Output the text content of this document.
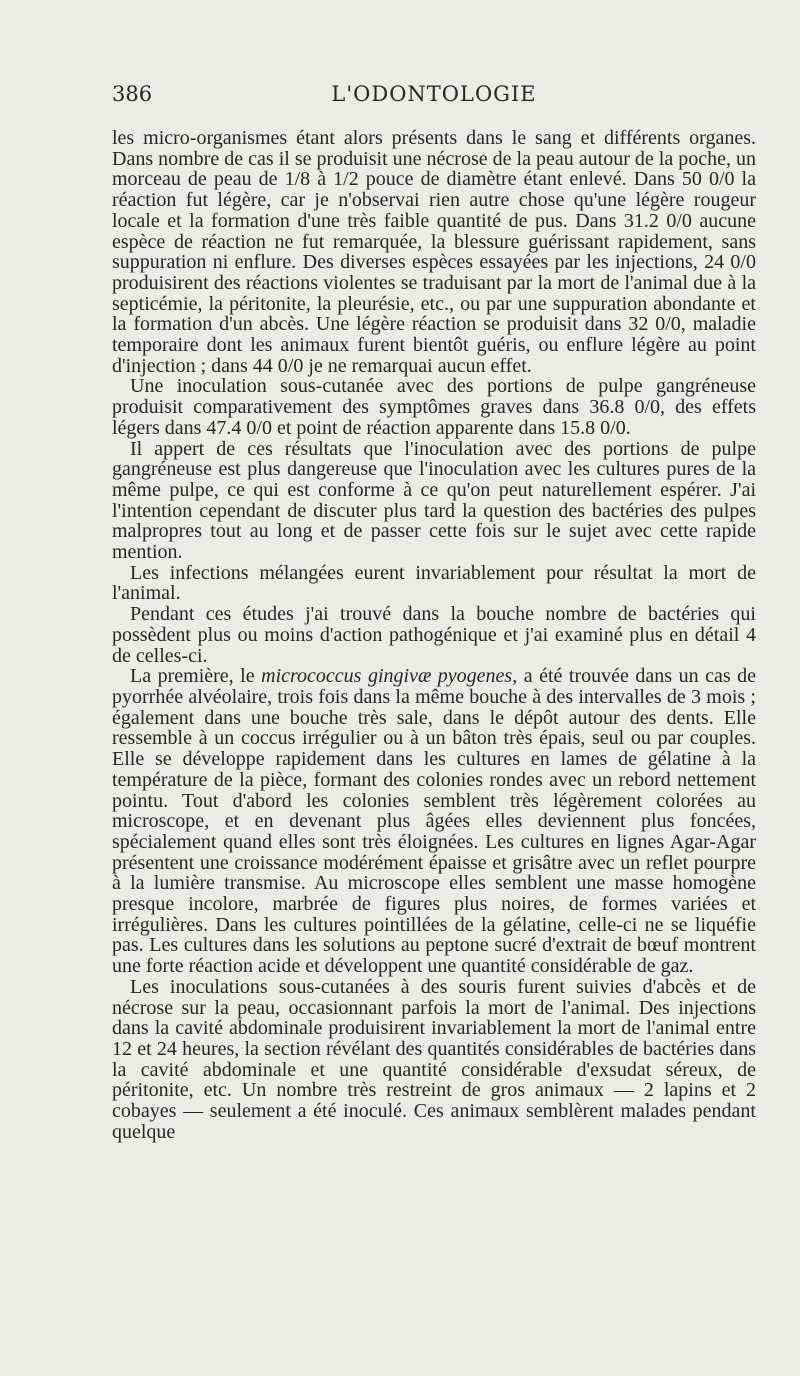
386	L'ODONTOLOGIE

les micro-organismes étant alors présents dans le sang et différents organes. Dans nombre de cas il se produisit une nécrose de la peau autour de la poche, un morceau de peau de 1/8 à 1/2 pouce de diamètre étant enlevé. Dans 50 0/0 la réaction fut légère, car je n'observai rien autre chose qu'une légère rougeur locale et la formation d'une très faible quantité de pus. Dans 31.2 0/0 aucune espèce de réaction ne fut remarquée, la blessure guérissant rapidement, sans suppuration ni enflure. Des diverses espèces essayées par les injections, 24 0/0 produisirent des réactions violentes se traduisant par la mort de l'animal due à la septicémie, la péritonite, la pleurésie, etc., ou par une suppuration abondante et la formation d'un abcès. Une légère réaction se produisit dans 32 0/0, maladie temporaire dont les animaux furent bientôt guéris, ou enflure légère au point d'injection ; dans 44 0/0 je ne remarquai aucun effet.

Une inoculation sous-cutanée avec des portions de pulpe gangréneuse produisit comparativement des symptômes graves dans 36.8 0/0, des effets légers dans 47.4 0/0 et point de réaction apparente dans 15.8 0/0.

Il appert de ces résultats que l'inoculation avec des portions de pulpe gangréneuse est plus dangereuse que l'inoculation avec les cultures pures de la même pulpe, ce qui est conforme à ce qu'on peut naturellement espérer. J'ai l'intention cependant de discuter plus tard la question des bactéries des pulpes malpropres tout au long et de passer cette fois sur le sujet avec cette rapide mention.

Les infections mélangées eurent invariablement pour résultat la mort de l'animal.

Pendant ces études j'ai trouvé dans la bouche nombre de bactéries qui possèdent plus ou moins d'action pathogénique et j'ai examiné plus en détail 4 de celles-ci.

La première, le micrococcus gingivæ pyogenes, a été trouvée dans un cas de pyorrhée alvéolaire, trois fois dans la même bouche à des intervalles de 3 mois ; également dans une bouche très sale, dans le dépôt autour des dents. Elle ressemble à un coccus irrégulier ou à un bâton très épais, seul ou par couples. Elle se développe rapidement dans les cultures en lames de gélatine à la température de la pièce, formant des colonies rondes avec un rebord nettement pointu. Tout d'abord les colonies semblent très légèrement colorées au microscope, et en devenant plus âgées elles deviennent plus foncées, spécialement quand elles sont très éloignées. Les cultures en lignes Agar-Agar présentent une croissance modérément épaisse et grisâtre avec un reflet pourpre à la lumière transmise. Au microscope elles semblent une masse homogène presque incolore, marbrée de figures plus noires, de formes variées et irrégulières. Dans les cultures pointillées de la gélatine, celle-ci ne se liquéfie pas. Les cultures dans les solutions au peptone sucré d'extrait de bœuf montrent une forte réaction acide et développent une quantité considérable de gaz.

Les inoculations sous-cutanées à des souris furent suivies d'abcès et de nécrose sur la peau, occasionnant parfois la mort de l'animal. Des injections dans la cavité abdominale produisirent invariablement la mort de l'animal entre 12 et 24 heures, la section révélant des quantités considérables de bactéries dans la cavité abdominale et une quantité considérable d'exsudat séreux, de péritonite, etc. Un nombre très restreint de gros animaux — 2 lapins et 2 cobayes — seulement a été inoculé. Ces animaux semblèrent malades pendant quelque
